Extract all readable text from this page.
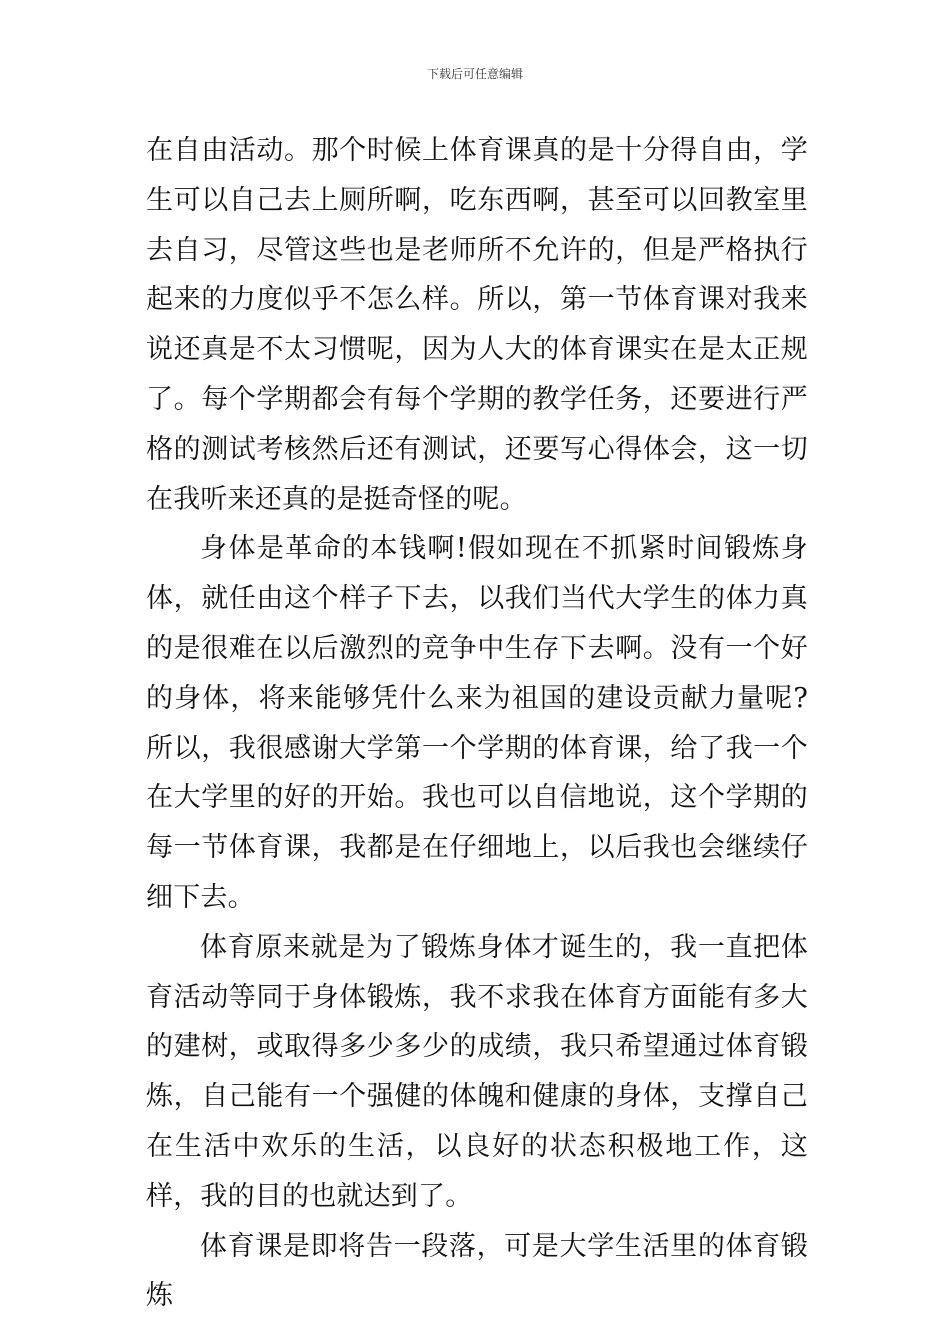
下载后可任意编辑

在自由活动。那个时候上体育课真的是十分得自由，学生可以自己去上厕所啊，吃东西啊，甚至可以回教室里去自习，尽管这些也是老师所不允许的，但是严格执行起来的力度似乎不怎么样。所以，第一节体育课对我来说还真是不太习惯呢，因为人大的体育课实在是太正规了。每个学期都会有每个学期的教学任务，还要进行严格的测试考核然后还有测试，还要写心得体会，这一切在我听来还真的是挺奇怪的呢。

身体是革命的本钱啊!假如现在不抓紧时间锻炼身体，就任由这个样子下去，以我们当代大学生的体力真的是很难在以后激烈的竞争中生存下去啊。没有一个好的身体，将来能够凭什么来为祖国的建设贡献力量呢?所以，我很感谢大学第一个学期的体育课，给了我一个在大学里的好的开始。我也可以自信地说，这个学期的每一节体育课，我都是在仔细地上，以后我也会继续仔细下去。

体育原来就是为了锻炼身体才诞生的，我一直把体育活动等同于身体锻炼，我不求我在体育方面能有多大的建树，或取得多少多少的成绩，我只希望通过体育锻炼，自己能有一个强健的体魄和健康的身体，支撑自己在生活中欢乐的生活，以良好的状态积极地工作，这样，我的目的也就达到了。

体育课是即将告一段落，可是大学生活里的体育锻炼
